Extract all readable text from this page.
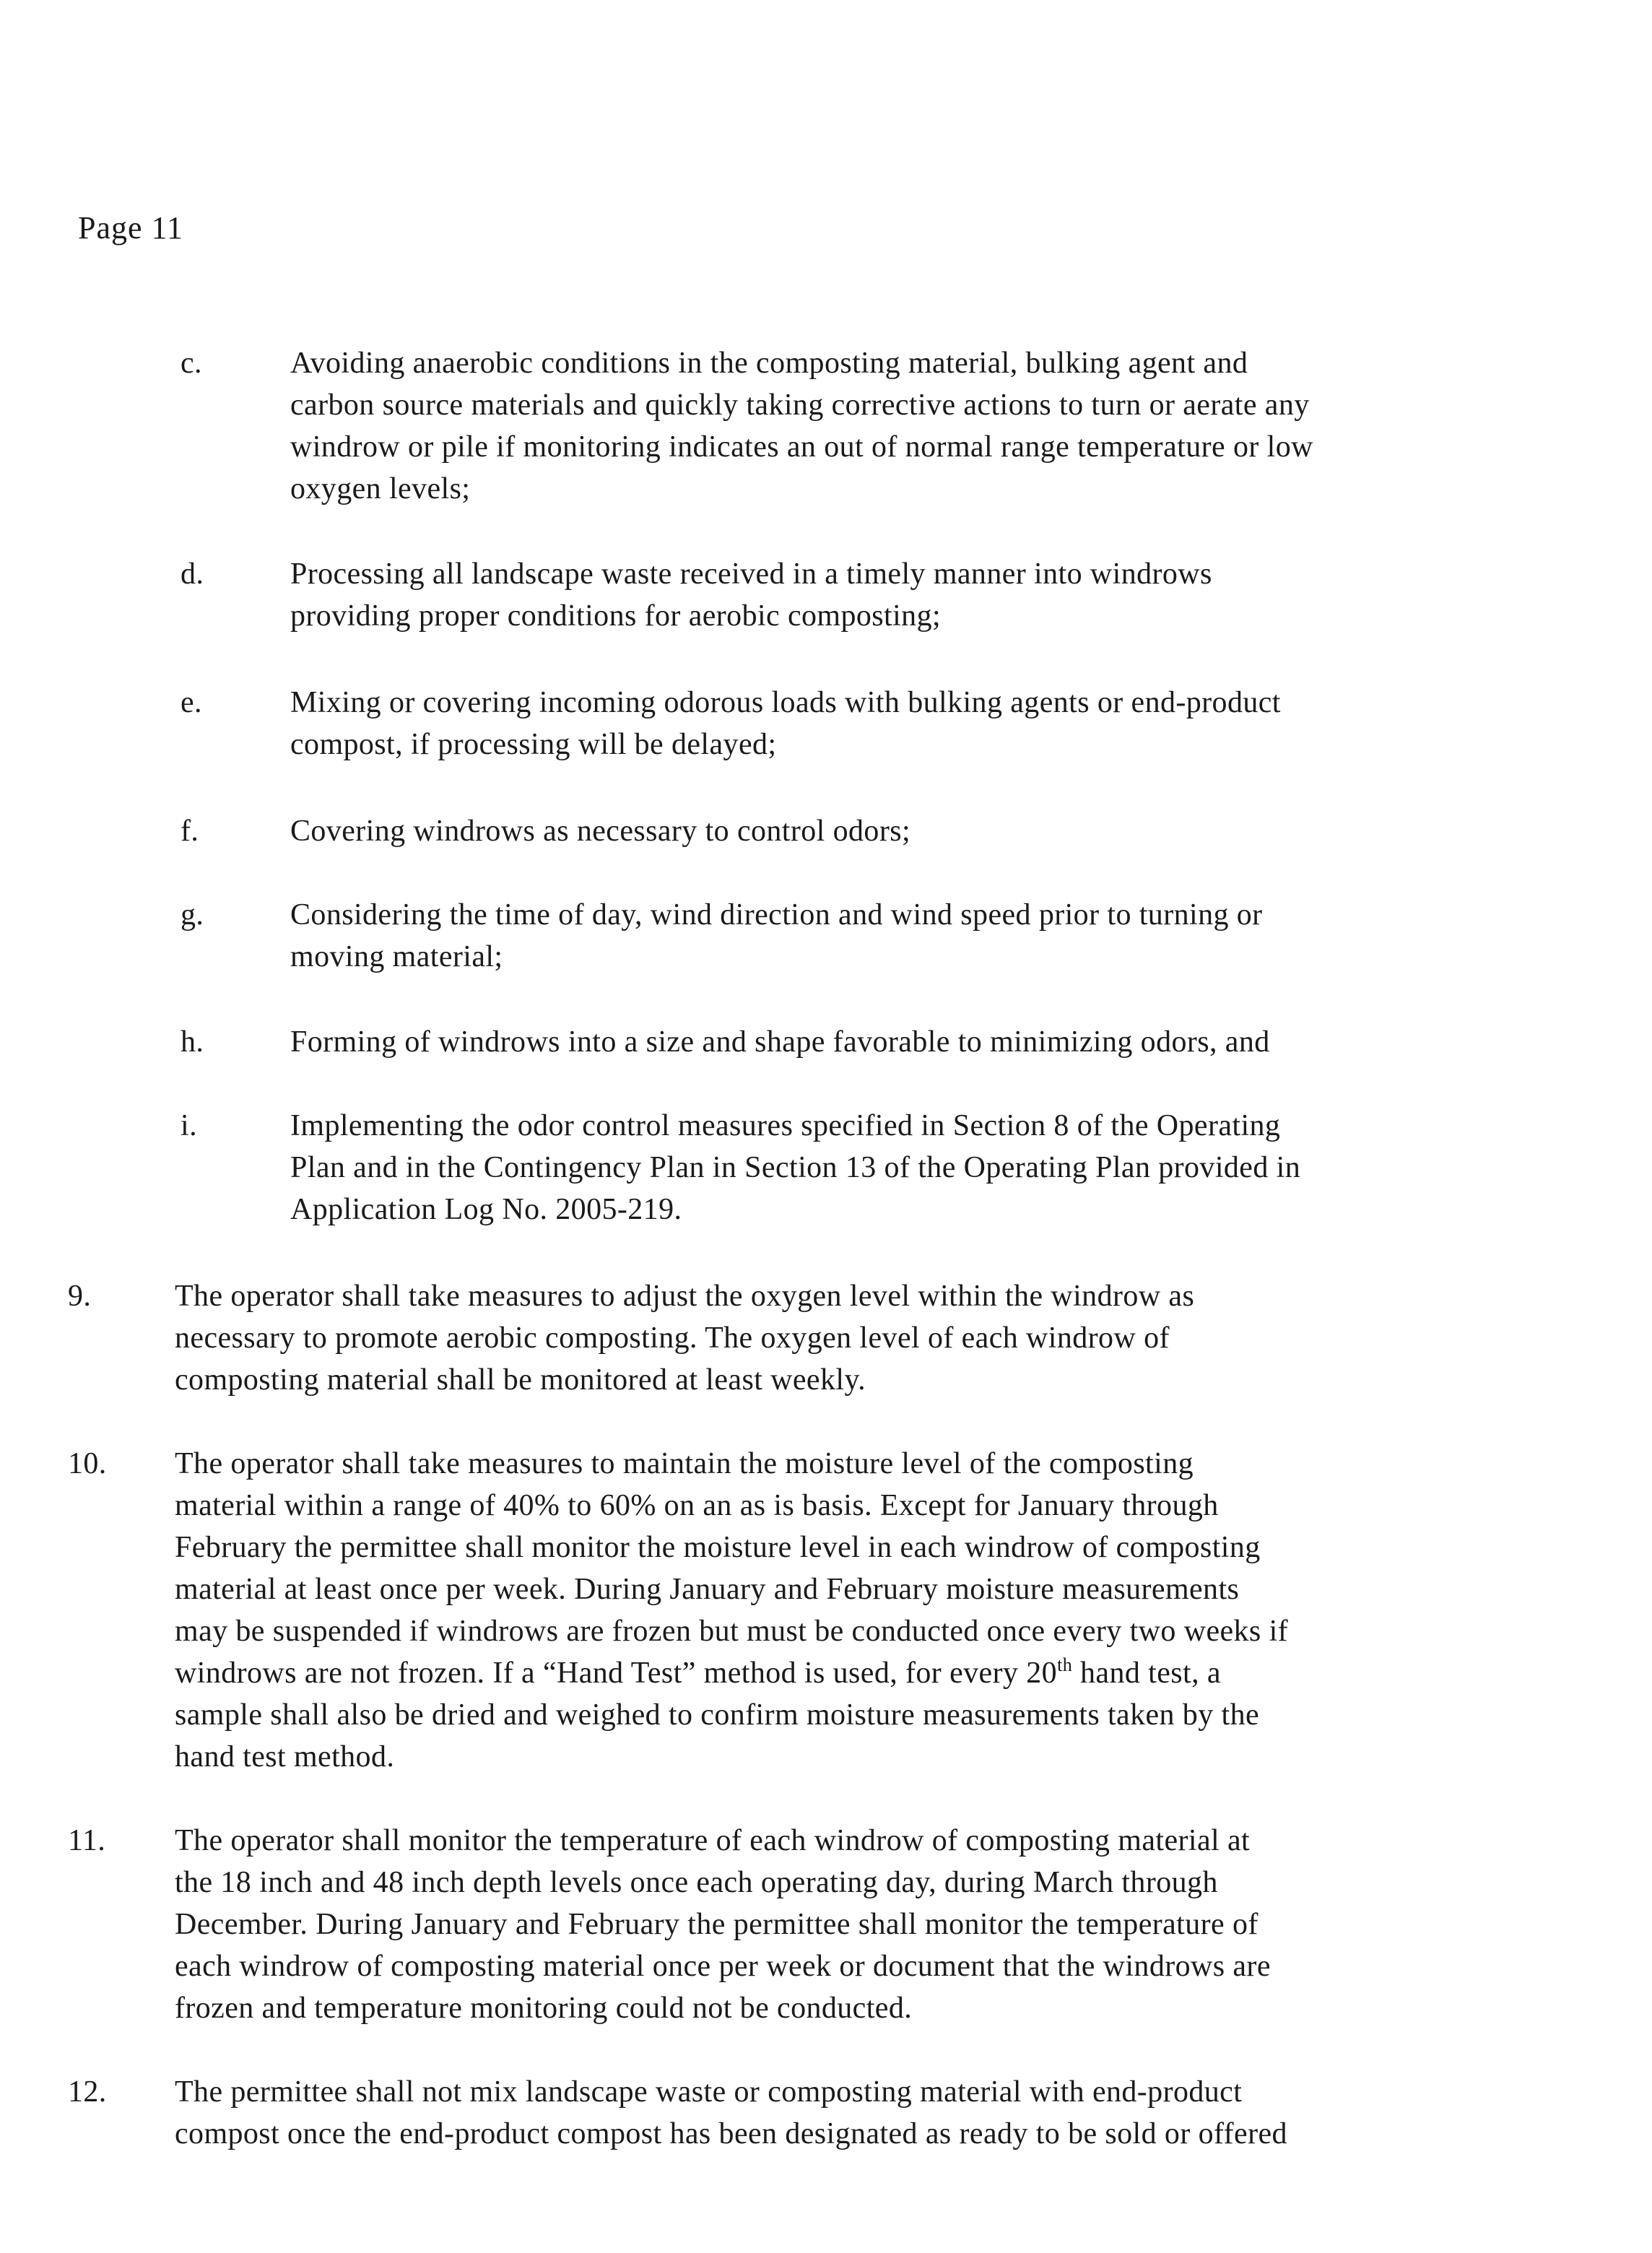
Page 11
c.	Avoiding anaerobic conditions in the composting material, bulking agent and
carbon source materials and quickly taking corrective actions to turn or aerate any
windrow or pile if monitoring indicates an out of normal range temperature or low
oxygen levels;
d.	Processing all landscape waste received in a timely manner into windrows
providing proper conditions for aerobic composting;
e.	Mixing or covering incoming odorous loads with bulking agents or end-product
compost, if processing will be delayed;
f.	Covering windrows as necessary to control odors;
g.	Considering the time of day, wind direction and wind speed prior to turning or
moving material;
h.	Forming of windrows into a size and shape favorable to minimizing odors, and
i.	Implementing the odor control measures specified in Section 8 of the Operating
Plan and in the Contingency Plan in Section 13 of the Operating Plan provided in
Application Log No. 2005-219.
9.	The operator shall take measures to adjust the oxygen level within the windrow as
necessary to promote aerobic composting. The oxygen level of each windrow of
composting material shall be monitored at least weekly.
10. The operator shall take measures to maintain the moisture level of the composting
material within a range of 40% to 60% on an as is basis. Except for January through
February the permittee shall monitor the moisture level in each windrow of composting
material at least once per week. During January and February moisture measurements
may be suspended if windrows are frozen but must be conducted once every two weeks if
windrows are not frozen. If a “Hand Test” method is used, for every 20th hand test, a
sample shall also be dried and weighed to confirm moisture measurements taken by the
hand test method.
11. The operator shall monitor the temperature of each windrow of composting material at
the 18 inch and 48 inch depth levels once each operating day, during March through
December. During January and February the permittee shall monitor the temperature of
each windrow of composting material once per week or document that the windrows are
frozen and temperature monitoring could not be conducted.
12. The permittee shall not mix landscape waste or composting material with end-product
compost once the end-product compost has been designated as ready to be sold or offered
